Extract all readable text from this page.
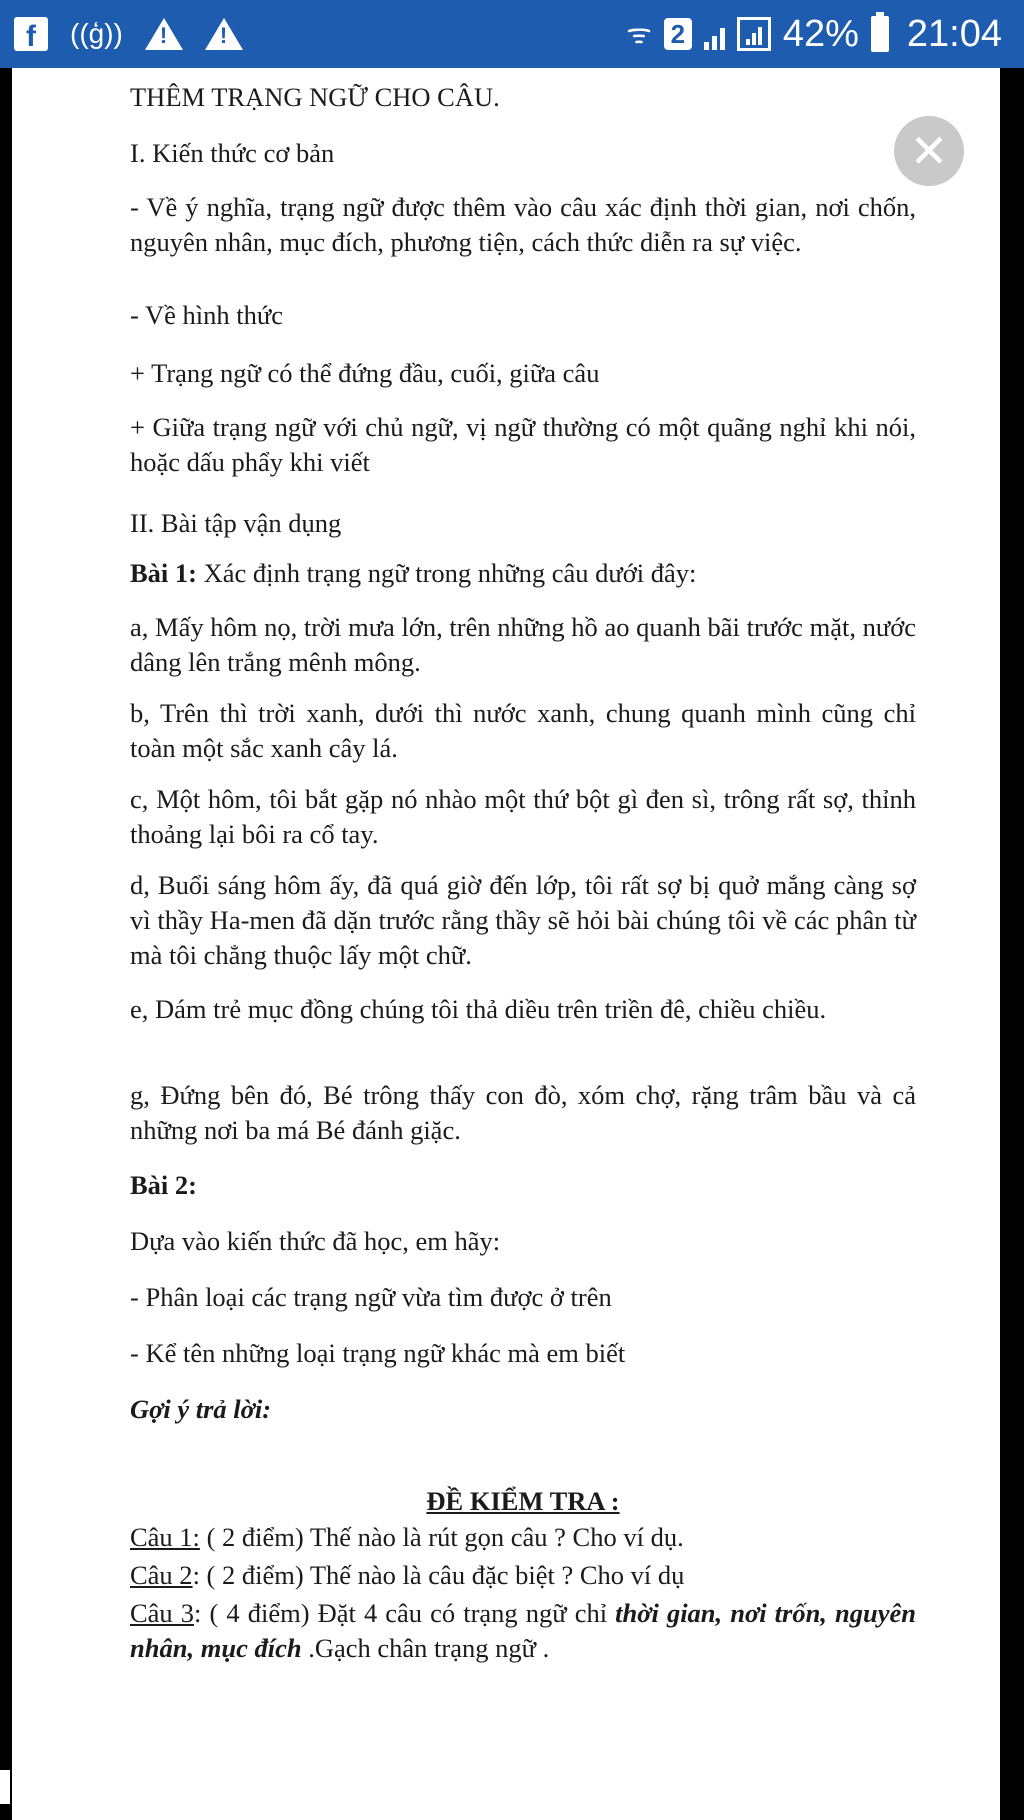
f	((ģ)) ! !	ᯤ 2	42% 21:04

THÊM TRẠNG NGỮ CHO CÂU.

I. Kiến thức cơ bản

- Về ý nghĩa, trạng ngữ được thêm vào câu xác định thời gian, nơi chốn, nguyên nhân, mục đích, phương tiện, cách thức diễn ra sự việc.

- Về hình thức

+ Trạng ngữ có thể đứng đầu, cuối, giữa câu

+ Giữa trạng ngữ với chủ ngữ, vị ngữ thường có một quãng nghỉ khi nói, hoặc dấu phẩy khi viết

II. Bài tập vận dụng

Bài 1: Xác định trạng ngữ trong những câu dưới đây:

a, Mấy hôm nọ, trời mưa lớn, trên những hồ ao quanh bãi trước mặt, nước dâng lên trắng mênh mông.

b, Trên thì trời xanh, dưới thì nước xanh, chung quanh mình cũng chỉ toàn một sắc xanh cây lá.

c, Một hôm, tôi bắt gặp nó nhào một thứ bột gì đen sì, trông rất sợ, thỉnh thoảng lại bôi ra cổ tay.

d, Buổi sáng hôm ấy, đã quá giờ đến lớp, tôi rất sợ bị quở mắng càng sợ vì thầy Ha-men đã dặn trước rằng thầy sẽ hỏi bài chúng tôi về các phân từ mà tôi chẳng thuộc lấy một chữ.

e, Dám trẻ mục đồng chúng tôi thả diều trên triền đê, chiều chiều.

g, Đứng bên đó, Bé trông thấy con đò, xóm chợ, rặng trâm bầu và cả những nơi ba má Bé đánh giặc.

Bài 2:

Dựa vào kiến thức đã học, em hãy:

- Phân loại các trạng ngữ vừa tìm được ở trên

- Kể tên những loại trạng ngữ khác mà em biết

Gợi ý trả lời:

ĐỀ KIỂM TRA :

Câu 1: ( 2 điểm) Thế nào là rút gọn câu ? Cho ví dụ.

Câu 2: ( 2 điểm) Thế nào là câu đặc biệt ? Cho ví dụ

Câu 3: ( 4 điểm) Đặt 4 câu có trạng ngữ chỉ thời gian, nơi trốn, nguyên nhân, mục đích .Gạch chân trạng ngữ .

✕
